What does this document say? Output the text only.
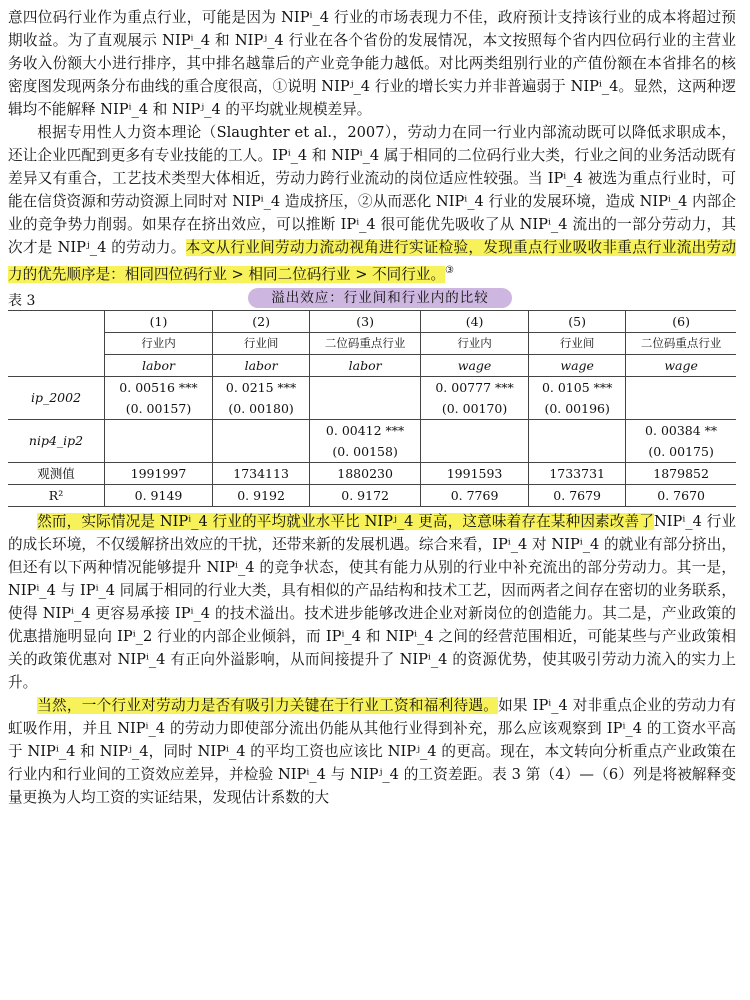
意四位码行业作为重点行业，可能是因为 NIPⁱ_4 行业的市场表现力不佳，政府预计支持该行业的成本将超过预期收益。为了直观展示 NIPⁱ_4 和 NIPʲ_4 行业在各个省份的发展情况，本文按照每个省内四位码行业的主营业务收入份额大小进行排序，其中排名越靠后的产业竞争能力越低。对比两类组别行业的产值份额在本省排名的核密度图发现两条分布曲线的重合度很高，①说明 NIPʲ_4 行业的增长实力并非普遍弱于 NIPⁱ_4。显然，这两种逻辑均不能解释 NIPⁱ_4 和 NIPʲ_4 的平均就业规模差异。

根据专用性人力资本理论（Slaughter et al.，2007），劳动力在同一行业内部流动既可以降低求职成本，还让企业匹配到更多有专业技能的工人。IPⁱ_4 和 NIPⁱ_4 属于相同的二位码行业大类，行业之间的业务活动既有差异又有重合，工艺技术类型大体相近，劳动力跨行业流动的岗位适应性较强。当 IPⁱ_4 被选为重点行业时，可能在信贷资源和劳动资源上同时对 NIPⁱ_4 造成挤压，②从而恶化 NIPⁱ_4 行业的发展环境，造成 NIPⁱ_4 内部企业的竞争势力削弱。如果存在挤出效应，可以推断 IPⁱ_4 很可能优先吸收了从 NIPⁱ_4 流出的一部分劳动力，其次才是 NIPʲ_4 的劳动力。本文从行业间劳动力流动视角进行实证检验，发现重点行业吸收非重点行业流出劳动力的优先顺序是：相同四位码行业 > 相同二位码行业 > 不同行业。③

表 3	溢出效应：行业间和行业内的比较
	(1)	(2)	(3)	(4)	(5)	(6)
	行业内	行业间	二位码重点行业	行业内	行业间	二位码重点行业
	labor	labor	labor	wage	wage	wage
ip_2002	0. 00516 ***	0. 0215 ***		0. 00777 ***	0. 0105 ***	
	(0. 00157)	(0. 00180)		(0. 00170)	(0. 00196)	
nip4_ip2			0. 00412 ***			0. 00384 **
			(0. 00158)			(0. 00175)
观测值	1991997	1734113	1880230	1991593	1733731	1879852
R²	0. 9149	0. 9192	0. 9172	0. 7769	0. 7679	0. 7670

然而，实际情况是 NIPⁱ_4 行业的平均就业水平比 NIPʲ_4 更高，这意味着存在某种因素改善了NIPⁱ_4 行业的成长环境，不仅缓解挤出效应的干扰，还带来新的发展机遇。综合来看，IPⁱ_4 对 NIPⁱ_4 的就业有部分挤出，但还有以下两种情况能够提升 NIPⁱ_4 的竞争状态，使其有能力从别的行业中补充流出的部分劳动力。其一是，NIPⁱ_4 与 IPⁱ_4 同属于相同的行业大类，具有相似的产品结构和技术工艺，因而两者之间存在密切的业务联系，使得 NIPⁱ_4 更容易承接 IPⁱ_4 的技术溢出。技术进步能够改进企业对新岗位的创造能力。其二是，产业政策的优惠措施明显向 IPⁱ_2 行业的内部企业倾斜，而 IPⁱ_4 和 NIPⁱ_4 之间的经营范围相近，可能某些与产业政策相关的政策优惠对 NIPⁱ_4 有正向外溢影响，从而间接提升了 NIPⁱ_4 的资源优势，使其吸引劳动力流入的实力上升。

当然，一个行业对劳动力是否有吸引力关键在于行业工资和福利待遇。如果 IPⁱ_4 对非重点企业的劳动力有虹吸作用，并且 NIPⁱ_4 的劳动力即使部分流出仍能从其他行业得到补充，那么应该观察到 IPⁱ_4 的工资水平高于 NIPⁱ_4 和 NIPʲ_4，同时 NIPⁱ_4 的平均工资也应该比 NIPʲ_4 的更高。现在，本文转向分析重点产业政策在行业内和行业间的工资效应差异，并检验 NIPⁱ_4 与 NIPʲ_4 的工资差距。表 3 第（4）—（6）列是将被解释变量更换为人均工资的实证结果，发现估计系数的大
